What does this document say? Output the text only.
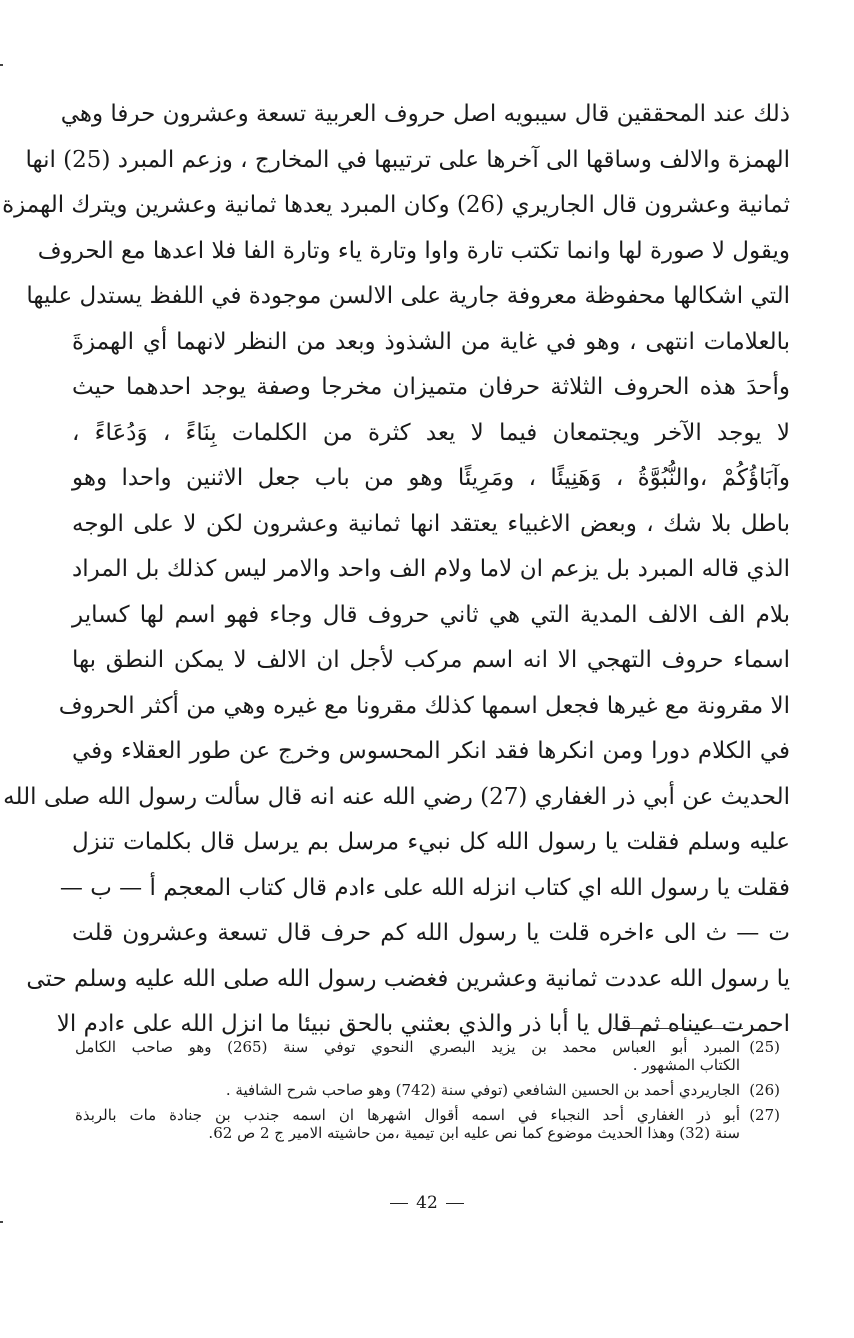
ذلك عند المحققين قال سيبويه اصل حروف العربية تسعة وعشرون حرفا وهي
الهمزة والالف وساقها الى آخرها على ترتيبها في المخارج ، وزعم المبرد (25) انها
ثمانية وعشرون قال الجاريري (26) وكان المبرد يعدها ثمانية وعشرين ويترك الهمزة
ويقول لا صورة لها وانما تكتب تارة واوا وتارة ياء وتارة الفا فلا اعدها مع الحروف
التي اشكالها محفوظة معروفة جارية على الالسن موجودة في اللفظ يستدل عليها
بالعلامات انتهى ، وهو في غاية من الشذوذ وبعد من النظر لانهما أي الهمزةَ
وأحدَ هذه الحروف الثلاثة حرفان متميزان مخرجا وصفة يوجد احدهما حيث
لا يوجد الآخر ويجتمعان فيما لا يعد كثرة من الكلمات بِنَاءً ، وَدُعَاءً ،
وآبَاؤُكُمْ ،والنُّبُوَّةُ ، وَهَنِيئًا ، ومَرِيئًا وهو من باب جعل الاثنين واحدا وهو
باطل بلا شك ، وبعض الاغبياء يعتقد انها ثمانية وعشرون لكن لا على الوجه
الذي قاله المبرد بل يزعم ان لاما ولام الف واحد والامر ليس كذلك بل المراد
بلام الف الالف المدية التي هي ثاني حروف قال وجاء فهو اسم لها كساير
اسماء حروف التهجي الا انه اسم مركب لأجل ان الالف لا يمكن النطق بها
الا مقرونة مع غيرها فجعل اسمها كذلك مقرونا مع غيره وهي من أكثر الحروف
في الكلام دورا ومن انكرها فقد انكر المحسوس وخرج عن طور العقلاء وفي
الحديث عن أبي ذر الغفاري (27) رضي الله عنه انه قال سألت رسول الله صلى الله
عليه وسلم فقلت يا رسول الله كل نبيء مرسل بم يرسل قال بكلمات تنزل
فقلت يا رسول الله اي كتاب انزله الله على ءادم قال كتاب المعجم أ — ب —
ت — ث الى ءاخره قلت يا رسول الله كم حرف قال تسعة وعشرون قلت
يا رسول الله عددت ثمانية وعشرين فغضب رسول الله صلى الله عليه وسلم حتى
احمرت عيناه ثم قال يا أبا ذر والذي بعثني بالحق نبيئا ما انزل الله على ءادم الا
(25)
المبرد أبو العباس محمد بن يزيد البصري النحوي توفي سنة (265) وهو صاحب الكامل
الكتاب المشهور .
(26)
الجاريردي أحمد بن الحسين الشافعي (توفي سنة (742) وهو صاحب شرح الشافية .
(27)
أبو ذر الغفاري أحد النجباء في اسمه أقوال اشهرها ان اسمه جندب بن جنادة مات بالربذة
سنة (32) وهذا الحديث موضوع كما نص عليه ابن تيمية ،من حاشيته الامير ج 2 ص 62.
42
